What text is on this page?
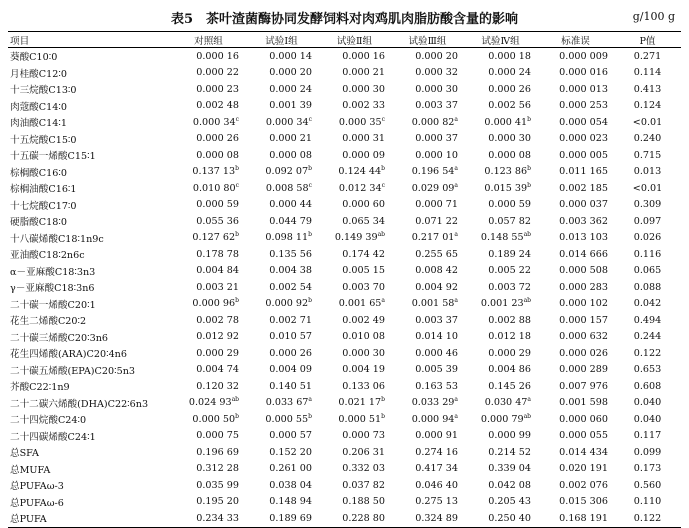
表5　茶叶渣菌酶协同发酵饲料对肉鸡肌肉脂肪酸含量的影响	g/100 g
项目	对照组	试验Ⅰ组	试验Ⅱ组	试验Ⅲ组	试验Ⅳ组	标准误	P值
葵酸C10∶0	0.000 16	0.000 14	0.000 16	0.000 20	0.000 18	0.000 009	0.271
月桂酸C12∶0	0.000 22	0.000 20	0.000 21	0.000 32	0.000 24	0.000 016	0.114
十三烷酸C13∶0	0.000 23	0.000 24	0.000 30	0.000 30	0.000 26	0.000 013	0.413
肉蔻酸C14∶0	0.002 48	0.001 39	0.002 33	0.003 37	0.002 56	0.000 253	0.124
肉油酸C14∶1	0.000 34$^c$	0.000 34$^c$	0.000 35$^c$	0.000 82$^a$	0.000 41$^b$	0.000 054	<0.01
十五烷酸C15∶0	0.000 26	0.000 21	0.000 31	0.000 37	0.000 30	0.000 023	0.240
十五碳一烯酸C15∶1	0.000 08	0.000 08	0.000 09	0.000 10	0.000 08	0.000 005	0.715
棕榈酸C16∶0	0.137 13$^b$	0.092 07$^b$	0.124 44$^b$	0.196 54$^a$	0.123 86$^b$	0.011 165	0.013
棕榈油酸C16∶1	0.010 80$^c$	0.008 58$^c$	0.012 34$^c$	0.029 09$^a$	0.015 39$^b$	0.002 185	<0.01
十七烷酸C17∶0	0.000 59	0.000 44	0.000 60	0.000 71	0.000 59	0.000 037	0.309
硬脂酸C18∶0	0.055 36	0.044 79	0.065 34	0.071 22	0.057 82	0.003 362	0.097
十八碳烯酸C18∶1n9c	0.127 62$^b$	0.098 11$^b$	0.149 $39^{ab}$	0.217 01$^a$	0.148 $55^{ab}$	0.013 103	0.026
亚油酸C18∶2n6c	0.178 78	0.135 56	0.174 42	0.255 65	0.189 24	0.014 666	0.116
α－亚麻酸C18∶3n3	0.004 84	0.004 38	0.005 15	0.008 42	0.005 22	0.000 508	0.065
γ－亚麻酸C18∶3n6	0.003 21	0.002 54	0.003 70	0.004 92	0.003 72	0.000 283	0.088
二十碳一烯酸C20∶1	0.000 96$^b$	0.000 92$^b$	0.001 65$^a$	0.001 58$^a$	0.001 $23^{ab}$	0.000 102	0.042
花生二烯酸C20∶2	0.002 78	0.002 71	0.002 49	0.003 37	0.002 88	0.000 157	0.494
二十碳三烯酸C20∶3n6	0.012 92	0.010 57	0.010 08	0.014 10	0.012 18	0.000 632	0.244
花生四烯酸(ARA)C20∶4n6	0.000 29	0.000 26	0.000 30	0.000 46	0.000 29	0.000 026	0.122
二十碳五烯酸(EPA)C20∶5n3	0.004 74	0.004 09	0.004 19	0.005 39	0.004 86	0.000 289	0.653
芥酸C22∶1n9	0.120 32	0.140 51	0.133 06	0.163 53	0.145 26	0.007 976	0.608
二十二碳六烯酸(DHA)C22∶6n3	0.024 $93^{ab}$	0.033 67$^a$	0.021 17$^b$	0.033 29$^a$	0.030 47$^a$	0.001 598	0.040
二十四烷酸C24∶0	0.000 50$^b$	0.000 55$^b$	0.000 51$^b$	0.000 94$^a$	0.000 $79^{ab}$	0.000 060	0.040
二十四碳烯酸C24∶1	0.000 75	0.000 57	0.000 73	0.000 91	0.000 99	0.000 055	0.117
总SFA	0.196 69	0.152 20	0.206 31	0.274 16	0.214 52	0.014 434	0.099
总MUFA	0.312 28	0.261 00	0.332 03	0.417 34	0.339 04	0.020 191	0.173
总PUFAω-3	0.035 99	0.038 04	0.037 82	0.046 40	0.042 08	0.002 076	0.560
总PUFAω-6	0.195 20	0.148 94	0.188 50	0.275 13	0.205 43	0.015 306	0.110
总PUFA	0.234 33	0.189 69	0.228 80	0.324 89	0.250 40	0.168 191	0.122
